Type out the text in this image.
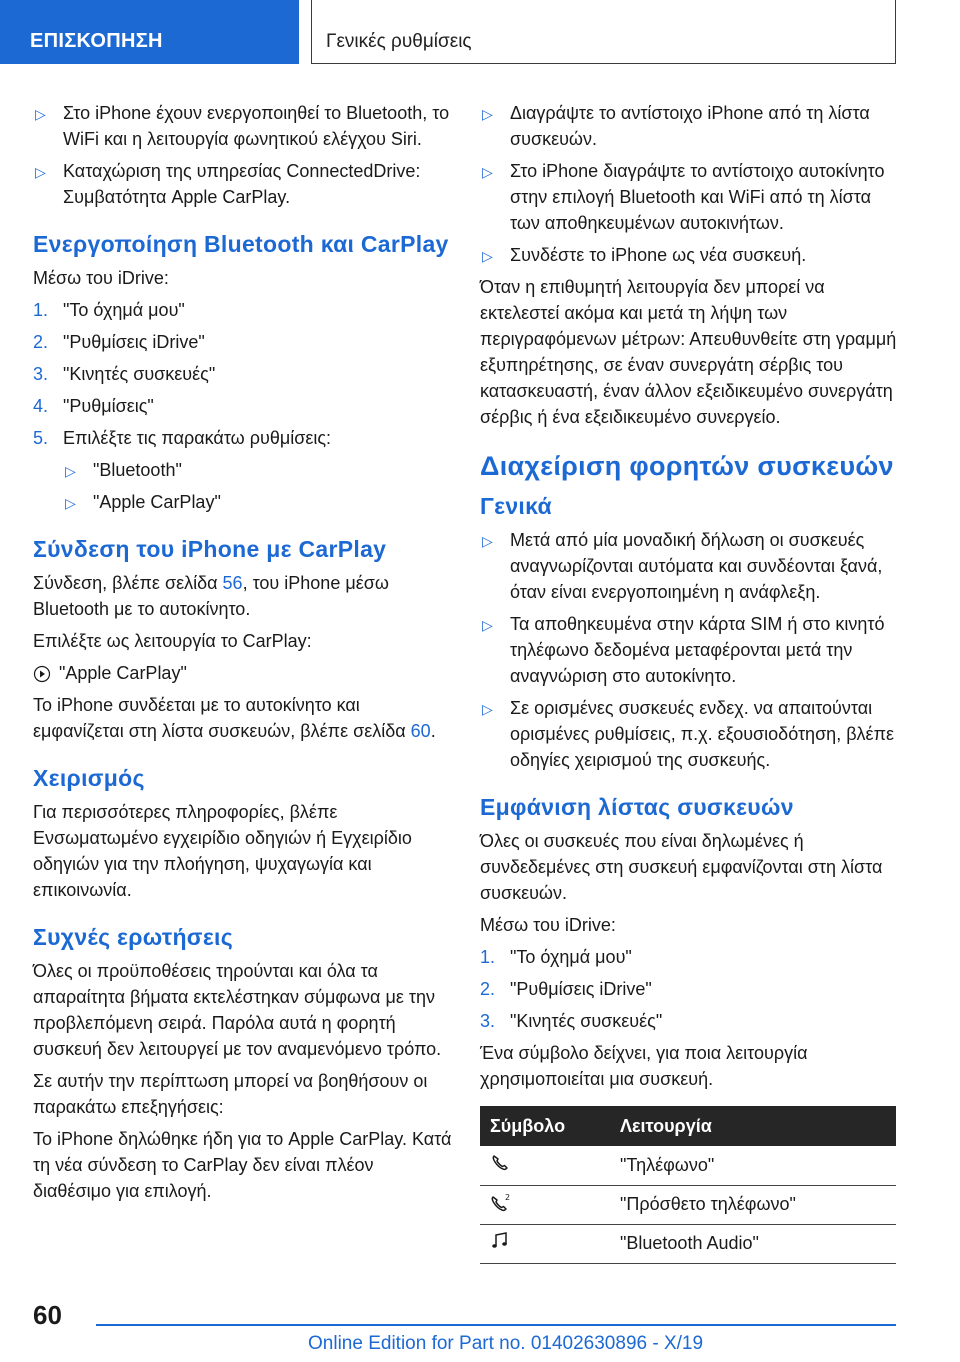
ΕΠΙΣΚΟΠΗΣΗ	Γενικές ρυθμίσεις
▷ Στο iPhone έχουν ενεργοποιηθεί το Bluetooth, το WiFi και η λειτουργία φωνητικού ελέγχου Siri.
▷ Καταχώριση της υπηρεσίας ConnectedDrive: Συμβατότητα Apple CarPlay.
Ενεργοποίηση Bluetooth και CarPlay

Μέσω του iDrive:

1. "Το όχημά μου"
2. "Ρυθμίσεις iDrive"
3. "Κινητές συσκευές"
4. "Ρυθμίσεις"
5. Επιλέξτε τις παρακάτω ρυθμίσεις:
▷ "Bluetooth"
▷ "Apple CarPlay"
Σύνδεση του iPhone με CarPlay

Σύνδεση, βλέπε σελίδα 56, του iPhone μέσω Bluetooth με το αυτοκίνητο.

Επιλέξτε ως λειτουργία το CarPlay:

"Apple CarPlay"

Το iPhone συνδέεται με το αυτοκίνητο και εμφανίζεται στη λίστα συσκευών, βλέπε σελίδα 60.

Χειρισμός

Για περισσότερες πληροφορίες, βλέπε Ενσωματωμένο εγχειρίδιο οδηγιών ή Εγχειρίδιο οδηγιών για την πλοήγηση, ψυχαγωγία και επικοινωνία.

Συχνές ερωτήσεις

Όλες οι προϋποθέσεις τηρούνται και όλα τα απαραίτητα βήματα εκτελέστηκαν σύμφωνα με την προβλεπόμενη σειρά. Παρόλα αυτά η φορητή συσκευή δεν λειτουργεί με τον αναμενόμενο τρόπο.

Σε αυτήν την περίπτωση μπορεί να βοηθήσουν οι παρακάτω επεξηγήσεις:

Το iPhone δηλώθηκε ήδη για το Apple CarPlay. Κατά τη νέα σύνδεση το CarPlay δεν είναι πλέον διαθέσιμο για επιλογή.

▷ Διαγράψτε το αντίστοιχο iPhone από τη λίστα συσκευών.
▷ Στο iPhone διαγράψτε το αντίστοιχο αυτοκίνητο στην επιλογή Bluetooth και WiFi από τη λίστα των αποθηκευμένων αυτοκινήτων.
▷ Συνδέστε το iPhone ως νέα συσκευή.

Όταν η επιθυμητή λειτουργία δεν μπορεί να εκτελεστεί ακόμα και μετά τη λήψη των περιγραφόμενων μέτρων: Απευθυνθείτε στη γραμμή εξυπηρέτησης, σε έναν συνεργάτη σέρβις του κατασκευαστή, έναν άλλον εξειδικευμένο συνεργάτη σέρβις ή ένα εξειδικευμένο συνεργείο.

Διαχείριση φορητών συσκευών
Γενικά
▷ Μετά από μία μοναδική δήλωση οι συσκευές αναγνωρίζονται αυτόματα και συνδέονται ξανά, όταν είναι ενεργοποιημένη η ανάφλεξη.
▷ Τα αποθηκευμένα στην κάρτα SIM ή στο κινητό τηλέφωνο δεδομένα μεταφέρονται μετά την αναγνώριση στο αυτοκίνητο.
▷ Σε ορισμένες συσκευές ενδεχ. να απαιτούνται ορισμένες ρυθμίσεις, π.χ. εξουσιοδότηση, βλέπε οδηγίες χειρισμού της συσκευής.
Εμφάνιση λίστας συσκευών

Όλες οι συσκευές που είναι δηλωμένες ή συνδεδεμένες στη συσκευή εμφανίζονται στη λίστα συσκευών.

Μέσω του iDrive:

1. "Το όχημά μου"
2. "Ρυθμίσεις iDrive"
3. "Κινητές συσκευές"

Ένα σύμβολο δείχνει, για ποια λειτουργία χρησιμοποιείται μια συσκευή.

Σύμβολο	Λειτουργία
	"Τηλέφωνο"

2	"Πρόσθετο τηλέφωνο"
	"Bluetooth Audio"
60
Online Edition for Part no. 01402630896 - X/19
